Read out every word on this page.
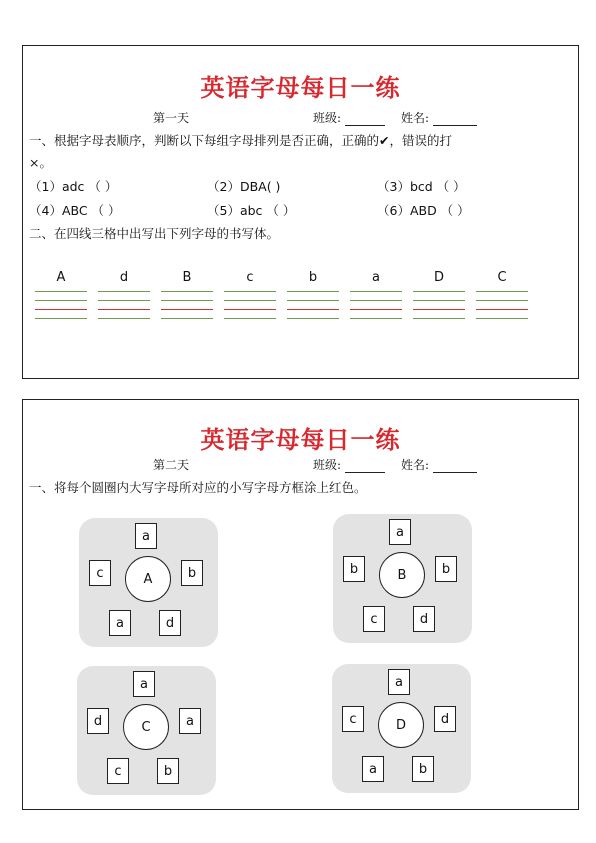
英语字母每日一练
第一天	班级:	姓名:
一、根据字母表顺序，判断以下每组字母排列是否正确，正确的✔，错误的打
×。
（1）adc （ ）	（2）DBA( )	（3）bcd （ ）
（4）ABC （ ）	（5）abc （ ）	（6）ABD （ ）
二、在四线三格中出写出下列字母的书写体。
A	d	B	c	b	a	D	C
英语字母每日一练
第二天	班级:	姓名:
一、将每个圆圈内大写字母所对应的小写字母方框涂上红色。
A
a
c	b
a	d
B
a
b	b
c	d
C
a
d	a
c	b
D
a
c	d
a	b
